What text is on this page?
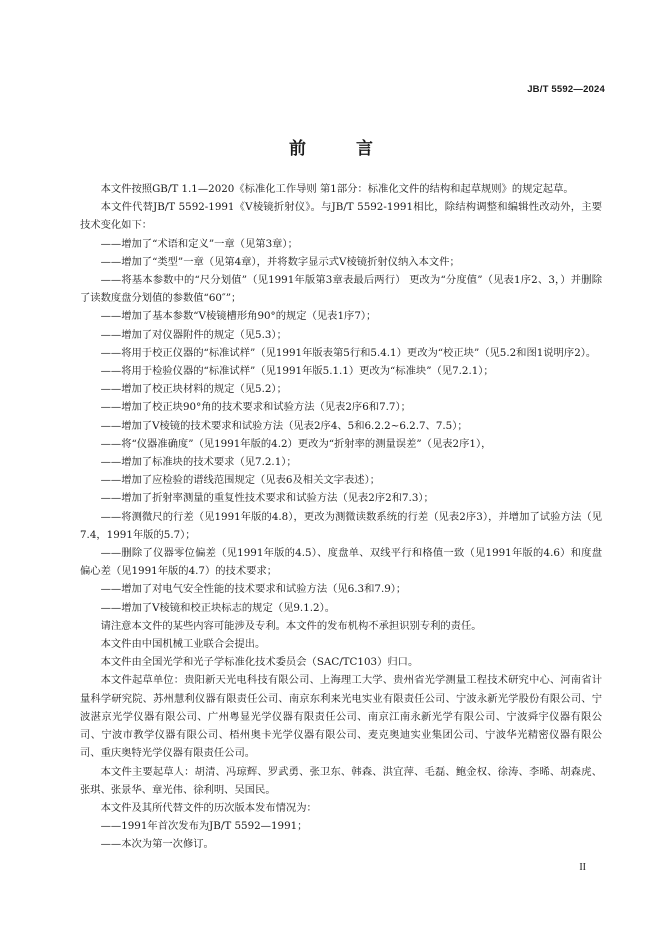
JB/T 5592—2024
前 言

本文件按照GB/T 1.1—2020《标准化工作导则 第1部分：标准化文件的结构和起草规则》的规定起草。

本文件代替JB/T 5592-1991《V棱镜折射仪》。与JB/T 5592-1991相比，除结构调整和编辑性改动外，主要技术变化如下：

——增加了“术语和定义”一章（见第3章）；

——增加了“类型”一章（见第4章），并将数字显示式V棱镜折射仪纳入本文件；

——将基本参数中的“尺分划值”（见1991年版第3章表最后两行） 更改为“分度值”（见表1序2、3，）并删除了读数度盘分划值的参数值“60″”；

——增加了基本参数“V棱镜槽形角90°的规定（见表1序7）；

——增加了对仪器附件的规定（见5.3）；

——将用于校正仪器的“标准试样”（见1991年版表第5行和5.4.1）更改为“校正块”（见5.2和图1说明序2）。

——将用于检验仪器的“标准试样”（见1991年版5.1.1）更改为“标准块”（见7.2.1）；

——增加了校正块材料的规定（见5.2）；

——增加了校正块90°角的技术要求和试验方法（见表2序6和7.7）；

——增加了V棱镜的技术要求和试验方法（见表2序4、5和6.2.2~6.2.7、7.5）；

——将“仪器准确度”（见1991年版的4.2）更改为“折射率的测量误差”（见表2序1），

——增加了标准块的技术要求（见7.2.1）；

——增加了应检验的谱线范围规定（见表6及相关文字表述）；

——增加了折射率测量的重复性技术要求和试验方法（见表2序2和7.3）；

——将测微尺的行差（见1991年版的4.8），更改为测微读数系统的行差（见表2序3），并增加了试验方法（见7.4，1991年版的5.7）；

——删除了仪器零位偏差（见1991年版的4.5）、度盘单、双线平行和格值一致（见1991年版的4.6）和度盘偏心差（见1991年版的4.7）的技术要求；

——增加了对电气安全性能的技术要求和试验方法（见6.3和7.9）；

——增加了V棱镜和校正块标志的规定（见9.1.2）。

请注意本文件的某些内容可能涉及专利。本文件的发布机构不承担识别专利的责任。

本文件由中国机械工业联合会提出。

本文件由全国光学和光子学标准化技术委员会（SAC/TC103）归口。

本文件起草单位：贵阳新天光电科技有限公司、上海理工大学、贵州省光学测量工程技术研究中心、河南省计量科学研究院、苏州慧利仪器有限责任公司、南京东利来光电实业有限责任公司、宁波永新光学股份有限公司、宁波湛京光学仪器有限公司、广州粤显光学仪器有限责任公司、南京江南永新光学有限公司、宁波舜宇仪器有限公司、宁波市教学仪器有限公司、梧州奥卡光学仪器有限公司、麦克奥迪实业集团公司、宁波华光精密仪器有限公司、重庆奥特光学仪器有限责任公司。

本文件主要起草人：胡清、冯琼辉、罗武勇、张卫东、韩森、洪宜萍、毛磊、鲍金权、徐涛、李晞、胡森虎、张琪、张景华、章光伟、徐利明、吴国民。

本文件及其所代替文件的历次版本发布情况为：

——1991年首次发布为JB/T 5592—1991；

——本次为第一次修订。

II
